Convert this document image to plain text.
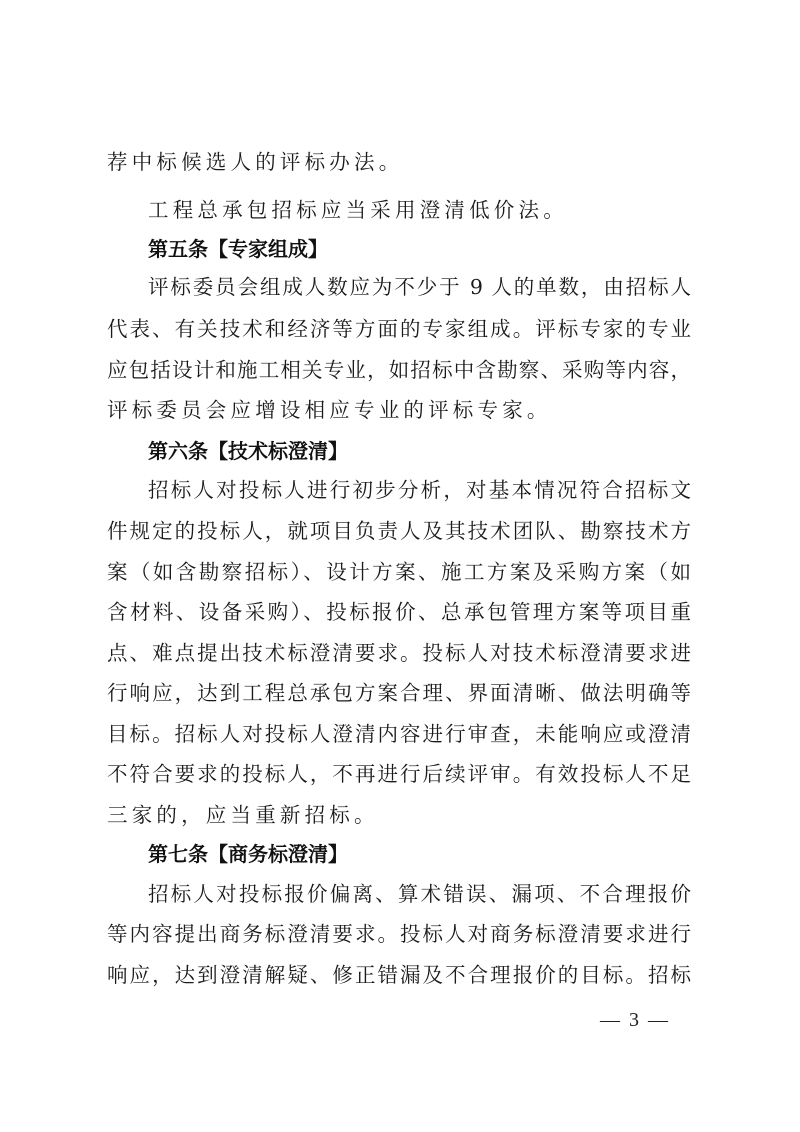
荐中标候选人的评标办法。
工程总承包招标应当采用澄清低价法。
第五条【专家组成】
评标委员会组成人数应为不少于 9 人的单数，由招标人
代表、有关技术和经济等方面的专家组成。评标专家的专业
应包括设计和施工相关专业，如招标中含勘察、采购等内容，
评标委员会应增设相应专业的评标专家。
第六条【技术标澄清】
招标人对投标人进行初步分析，对基本情况符合招标文
件规定的投标人，就项目负责人及其技术团队、勘察技术方
案（如含勘察招标）、设计方案、施工方案及采购方案（如
含材料、设备采购）、投标报价、总承包管理方案等项目重
点、难点提出技术标澄清要求。投标人对技术标澄清要求进
行响应，达到工程总承包方案合理、界面清晰、做法明确等
目标。招标人对投标人澄清内容进行审查，未能响应或澄清
不符合要求的投标人，不再进行后续评审。有效投标人不足
三家的，应当重新招标。
第七条【商务标澄清】
招标人对投标报价偏离、算术错误、漏项、不合理报价
等内容提出商务标澄清要求。投标人对商务标澄清要求进行
响应，达到澄清解疑、修正错漏及不合理报价的目标。招标
— 3 —
